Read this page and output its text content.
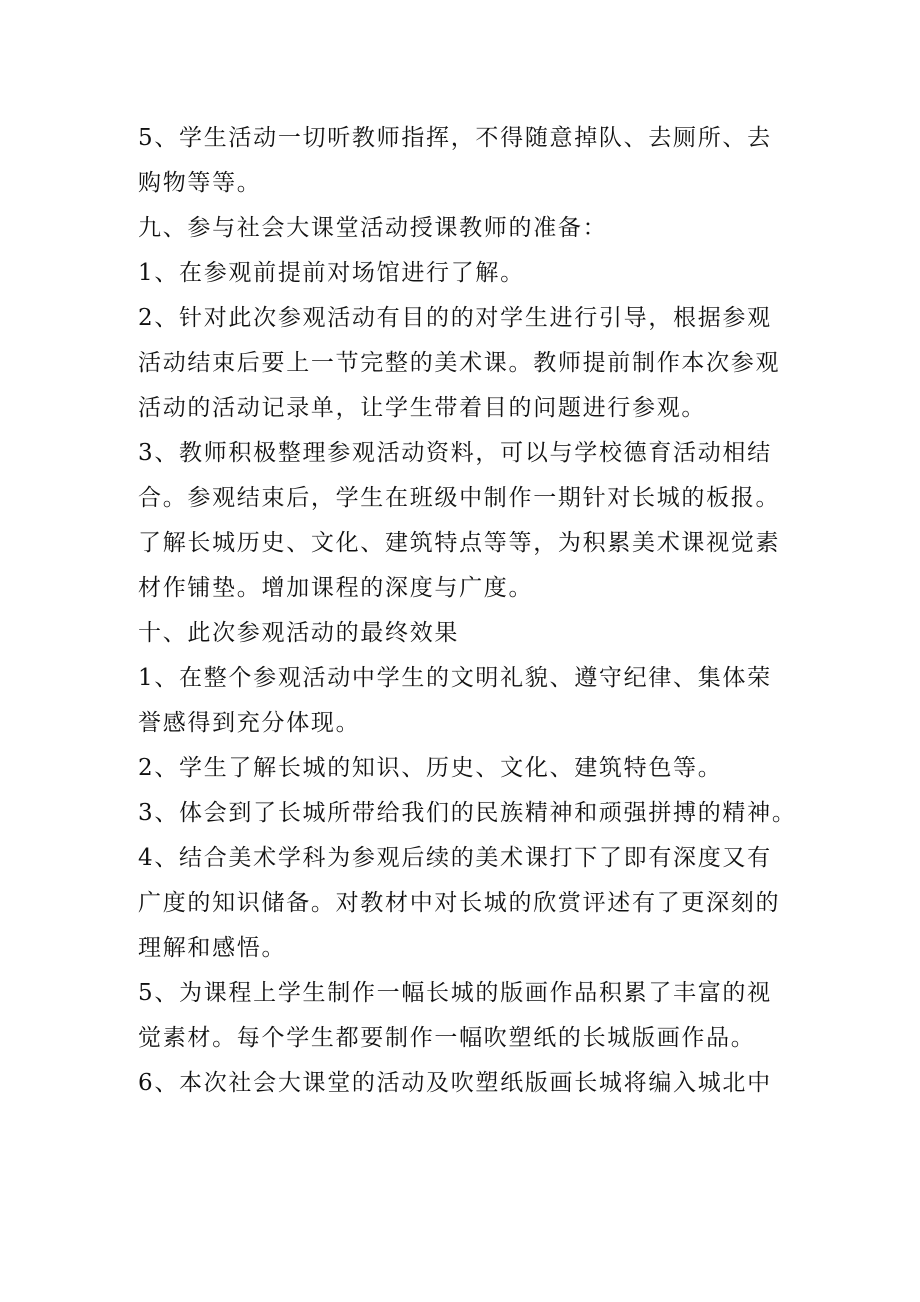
5、学生活动一切听教师指挥，不得随意掉队、去厕所、去
购物等等。
九、参与社会大课堂活动授课教师的准备：
1、在参观前提前对场馆进行了解。
2、针对此次参观活动有目的的对学生进行引导，根据参观
活动结束后要上一节完整的美术课。教师提前制作本次参观
活动的活动记录单，让学生带着目的问题进行参观。
3、教师积极整理参观活动资料，可以与学校德育活动相结
合。参观结束后，学生在班级中制作一期针对长城的板报。
了解长城历史、文化、建筑特点等等，为积累美术课视觉素
材作铺垫。增加课程的深度与广度。
十、此次参观活动的最终效果
1、在整个参观活动中学生的文明礼貌、遵守纪律、集体荣
誉感得到充分体现。
2、学生了解长城的知识、历史、文化、建筑特色等。
3、体会到了长城所带给我们的民族精神和顽强拼搏的精神。
4、结合美术学科为参观后续的美术课打下了即有深度又有
广度的知识储备。对教材中对长城的欣赏评述有了更深刻的
理解和感悟。
5、为课程上学生制作一幅长城的版画作品积累了丰富的视
觉素材。每个学生都要制作一幅吹塑纸的长城版画作品。
6、本次社会大课堂的活动及吹塑纸版画长城将编入城北中
